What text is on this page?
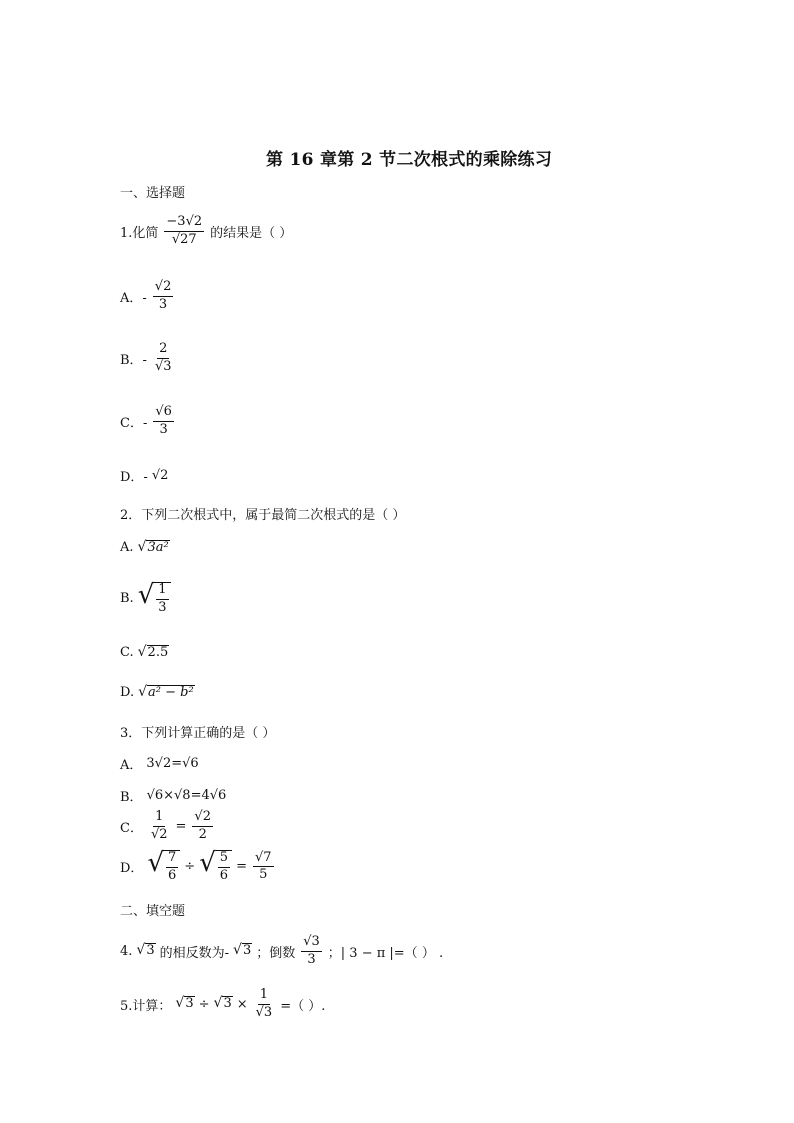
第 16 章第 2 节二次根式的乘除练习
一、选择题
1.化简 $\frac{-3√2}{√27}$ 的结果是（ ）
A．- $\frac{√2}{3}$
B．- $\frac{2}{√3}$
C．- $\frac{√6}{3}$
D．- √2
2．下列二次根式中，属于最简二次根式的是（ ）
A. √ 3a²
B. √ $\frac{1}{3}$
C. √ 2.5
D. √ a² − b²
3．下列计算正确的是（ ）
A． 3√2=√6
B． √6×√8=4√6
C． $\frac{1}{√2} = \frac{√2}{2}$
D． √ $\frac{7}{6}$ ÷ √ $\frac{5}{6} = \frac{√7}{5}$
二、填空题
4. √ 3 的相反数为- √ 3 ；倒数 $\frac{√3}{3}$ ；| 3 − π |=（ ） .
5.计算： √ 3 ÷ √ $3 \times \frac{1}{√3}$ =（ ）.
